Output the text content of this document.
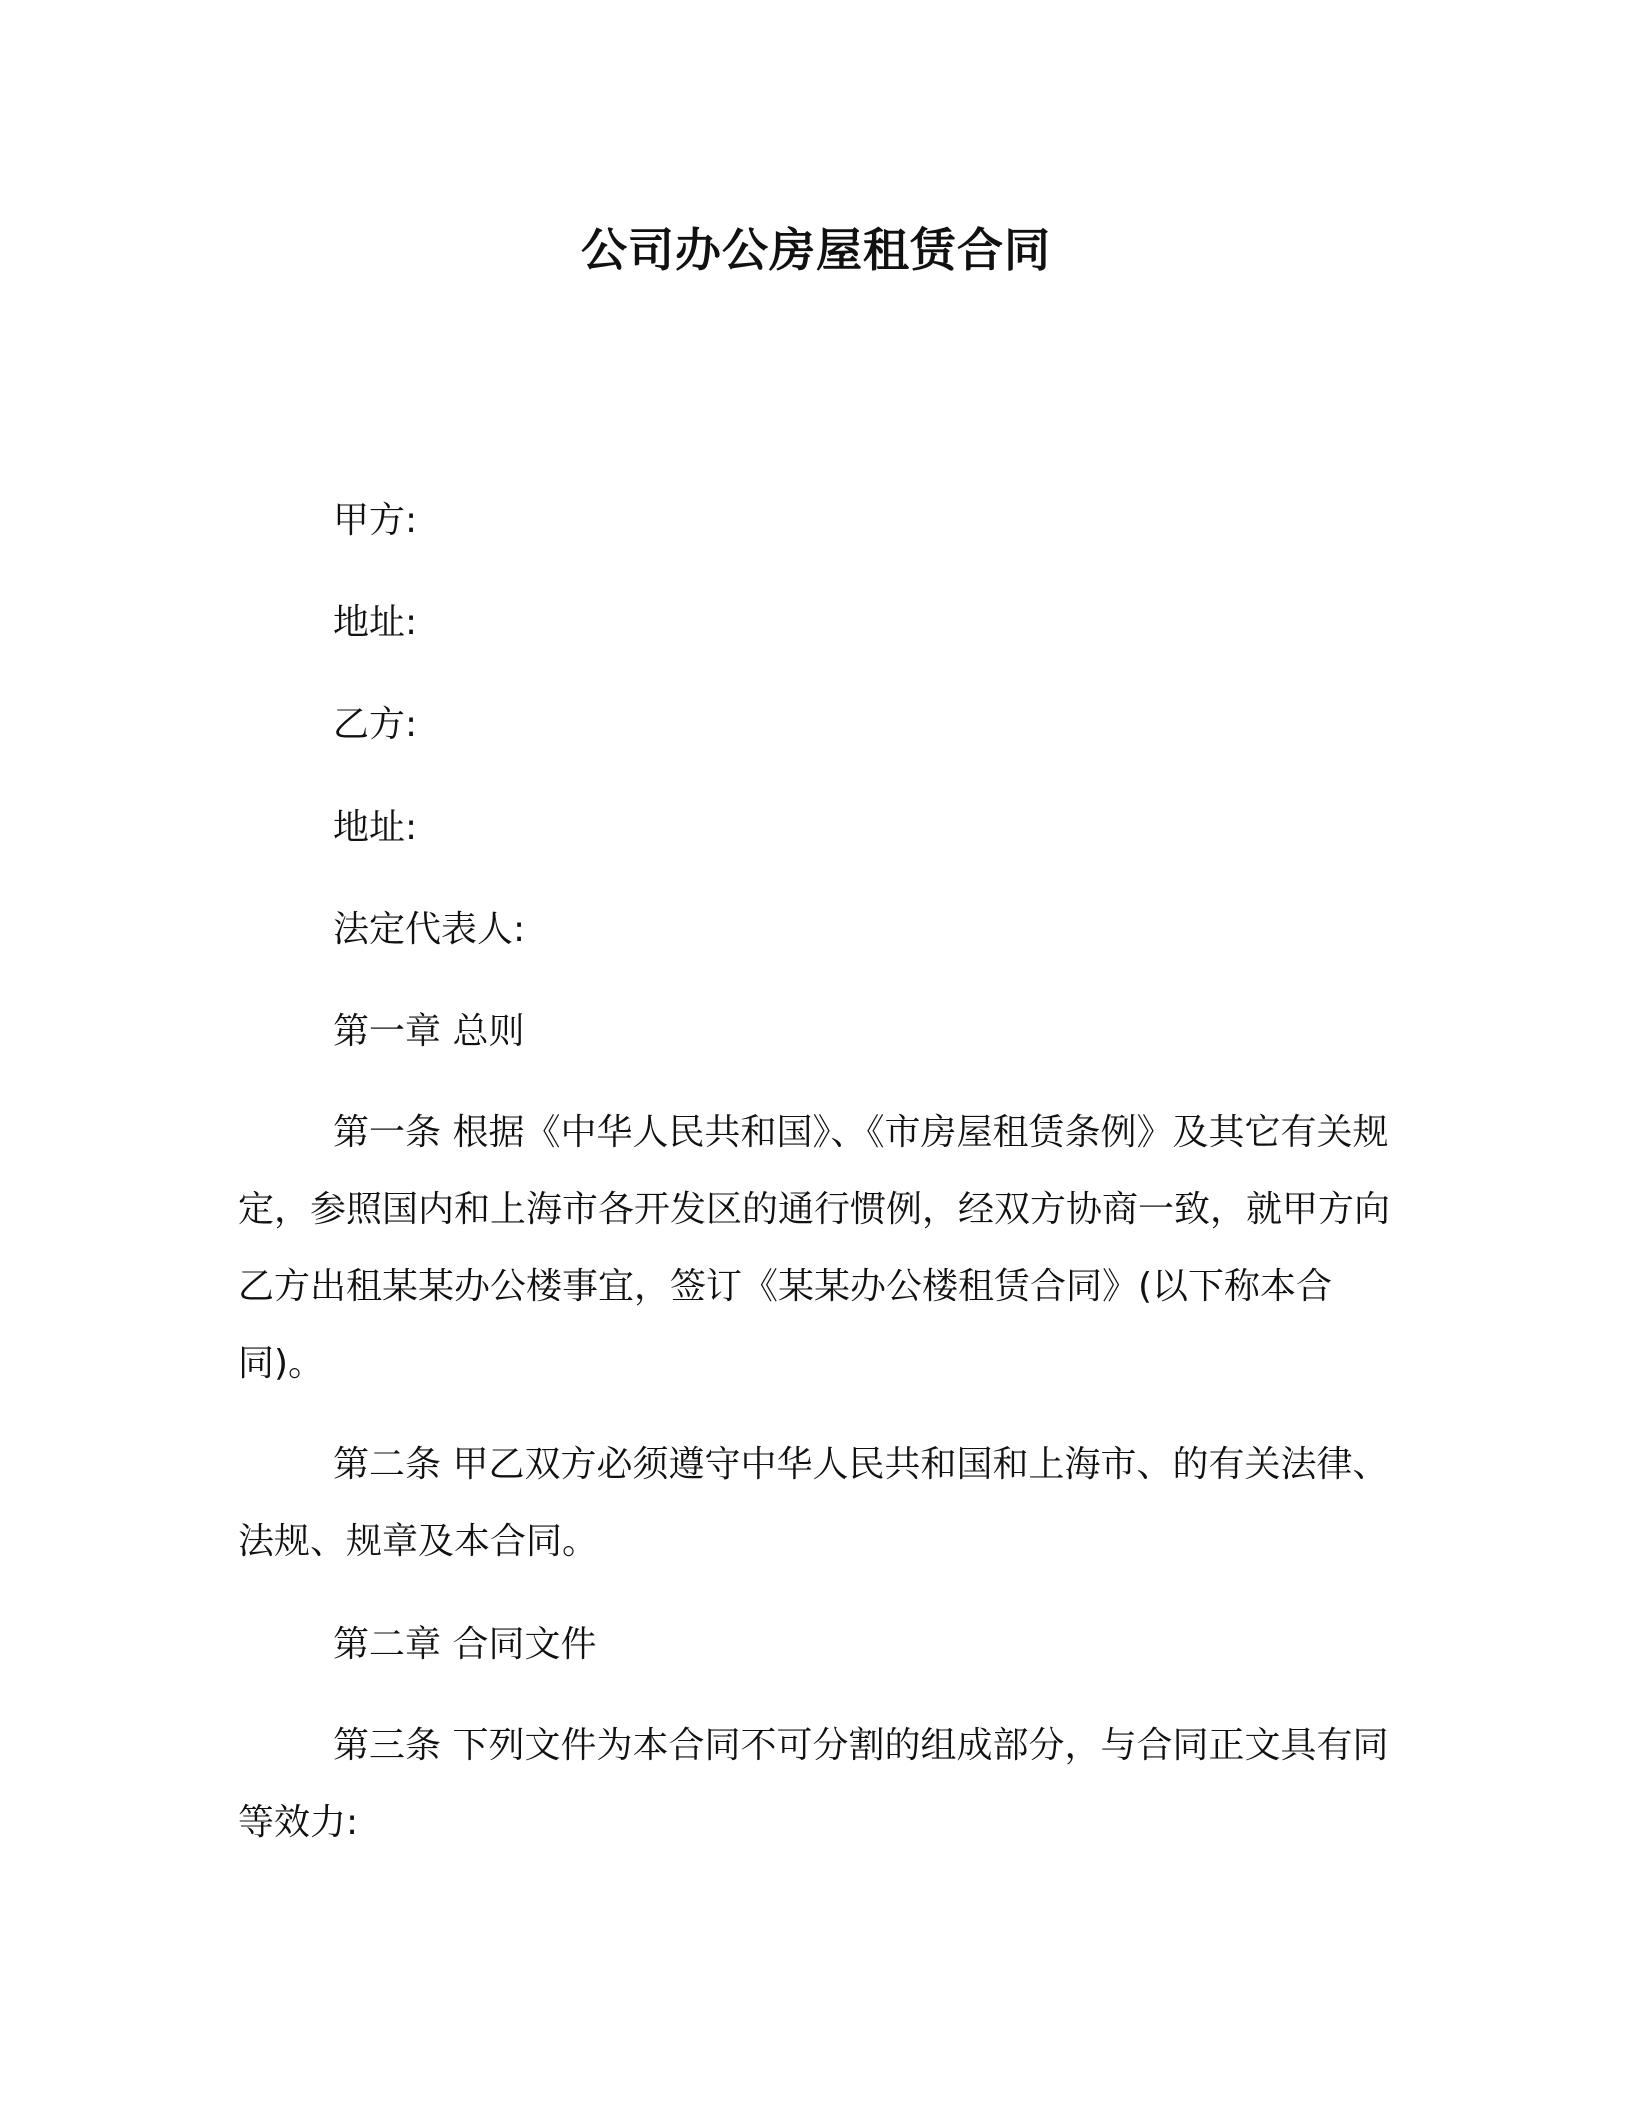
公司办公房屋租赁合同

甲方:

地址:

乙方:

地址:

法定代表人:

第一章 总则

第一条 根据《中华人民共和国》、《市房屋租赁条例》及其它有关规定，参照国内和上海市各开发区的通行惯例，经双方协商一致，就甲方向乙方出租某某办公楼事宜，签订《某某办公楼租赁合同》(以下称本合同)。

第二条 甲乙双方必须遵守中华人民共和国和上海市、的有关法律、法规、规章及本合同。

第二章 合同文件

第三条 下列文件为本合同不可分割的组成部分，与合同正文具有同等效力:
